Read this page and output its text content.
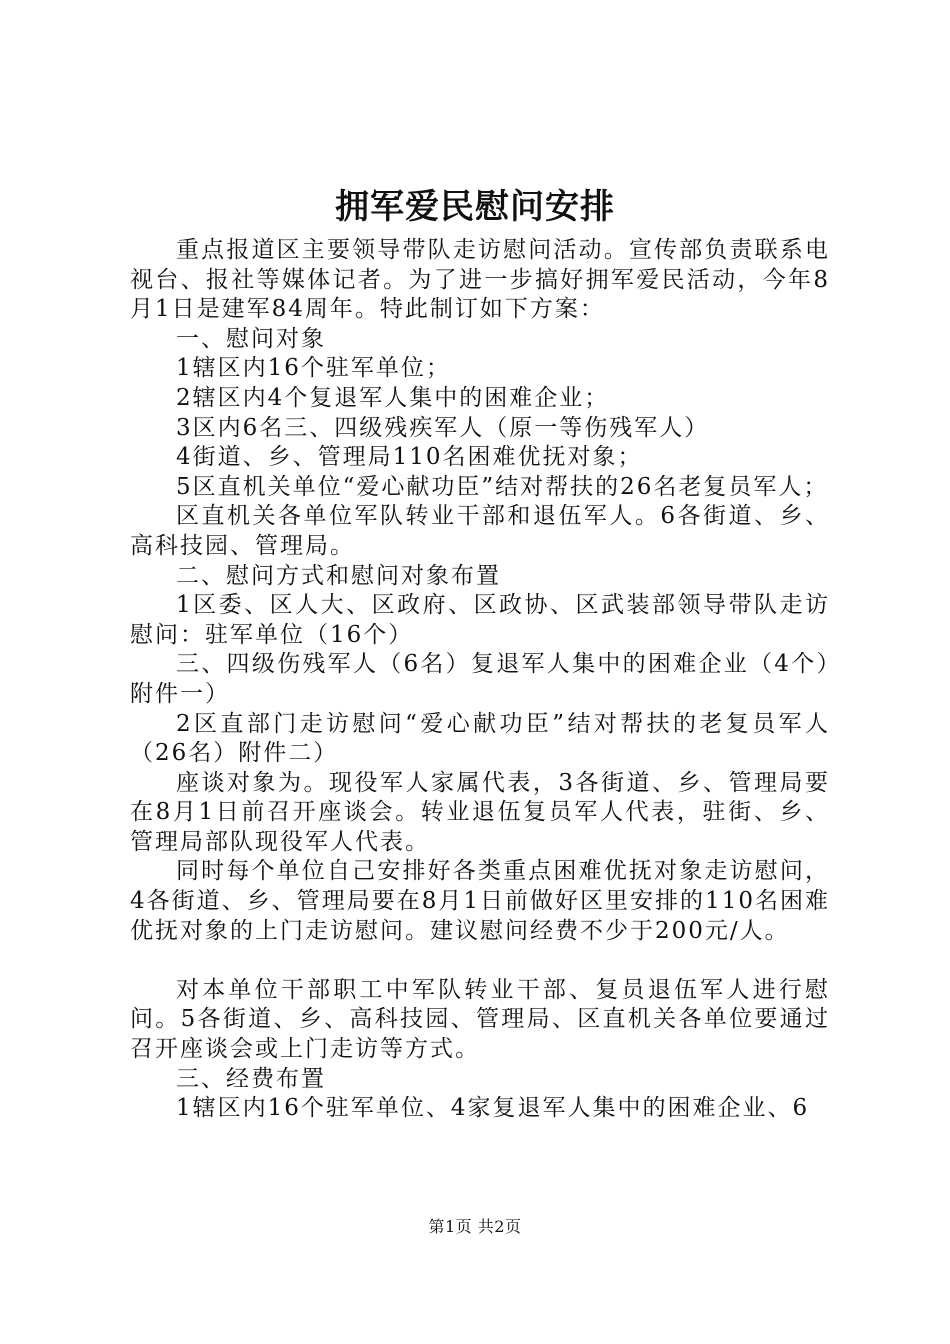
拥军爱民慰问安排

重点报道区主要领导带队走访慰问活动。宣传部负责联系电视台、报社等媒体记者。为了进一步搞好拥军爱民活动，今年8月1日是建军84周年。特此制订如下方案：

一、慰问对象

1辖区内16个驻军单位；

2辖区内4个复退军人集中的困难企业；

3区内6名三、四级残疾军人（原一等伤残军人）

4街道、乡、管理局110名困难优抚对象；

5区直机关单位“爱心献功臣”结对帮扶的26名老复员军人；

区直机关各单位军队转业干部和退伍军人。6各街道、乡、高科技园、管理局。

二、慰问方式和慰问对象布置

1区委、区人大、区政府、区政协、区武装部领导带队走访慰问：驻军单位（16个）

三、四级伤残军人（6名）复退军人集中的困难企业（4个）附件一）

2区直部门走访慰问“爱心献功臣”结对帮扶的老复员军人（26名）附件二）

座谈对象为。现役军人家属代表，3各街道、乡、管理局要在8月1日前召开座谈会。转业退伍复员军人代表，驻街、乡、管理局部队现役军人代表。

同时每个单位自己安排好各类重点困难优抚对象走访慰问，4各街道、乡、管理局要在8月1日前做好区里安排的110名困难优抚对象的上门走访慰问。建议慰问经费不少于200元/人。

对本单位干部职工中军队转业干部、复员退伍军人进行慰问。5各街道、乡、高科技园、管理局、区直机关各单位要通过召开座谈会或上门走访等方式。

三、经费布置

1辖区内16个驻军单位、4家复退军人集中的困难企业、6

第1页 共2页
